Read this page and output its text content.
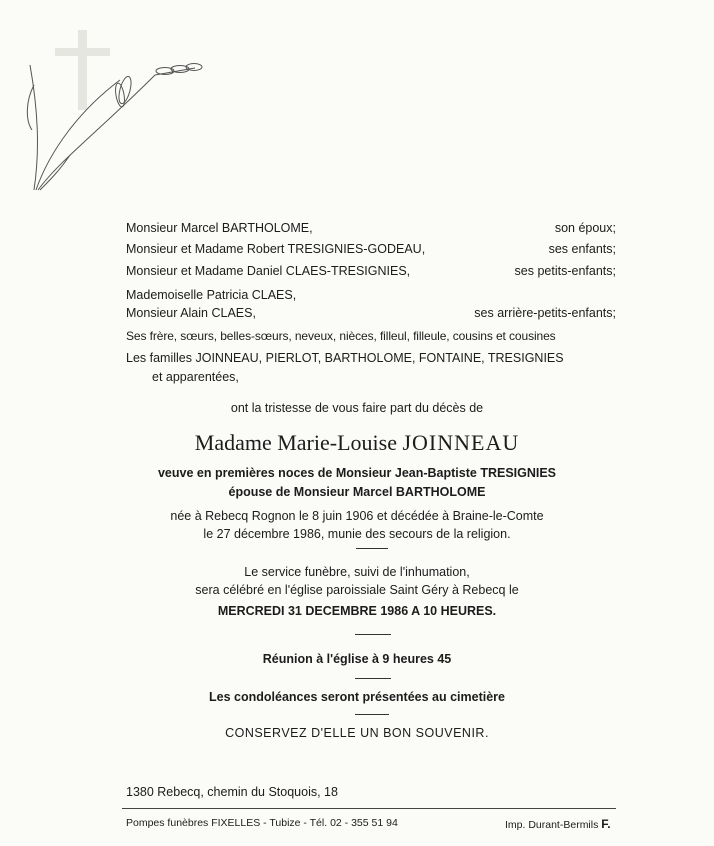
Monsieur Marcel BARTHOLOME,	son époux;
Monsieur et Madame Robert TRESIGNIES-GODEAU,	ses enfants;
Monsieur et Madame Daniel CLAES-TRESIGNIES,	ses petits-enfants;
Mademoiselle Patricia CLAES,
Monsieur Alain CLAES,	ses arrière-petits-enfants;
Ses frère, sœurs, belles-sœurs, neveux, nièces, filleul, filleule, cousins et cousines
Les familles JOINNEAU, PIERLOT, BARTHOLOME, FONTAINE, TRESIGNIES
et apparentées,
ont la tristesse de vous faire part du décès de
Madame Marie-Louise JOINNEAU
veuve en premières noces de Monsieur Jean-Baptiste TRESIGNIES
épouse de Monsieur Marcel BARTHOLOME
née à Rebecq Rognon le 8 juin 1906 et décédée à Braine-le-Comte
le 27 décembre 1986, munie des secours de la religion.
Le service funèbre, suivi de l'inhumation,
sera célébré en l'église paroissiale Saint Géry à Rebecq le
MERCREDI 31 DECEMBRE 1986 A 10 HEURES.
Réunion à l'église à 9 heures 45
Les condoléances seront présentées au cimetière
CONSERVEZ D'ELLE UN BON SOUVENIR.
1380 Rebecq, chemin du Stoquois, 18
Pompes funèbres FIXELLES - Tubize - Tél. 02 - 355 51 94	Imp. Durant-Bermils F.
